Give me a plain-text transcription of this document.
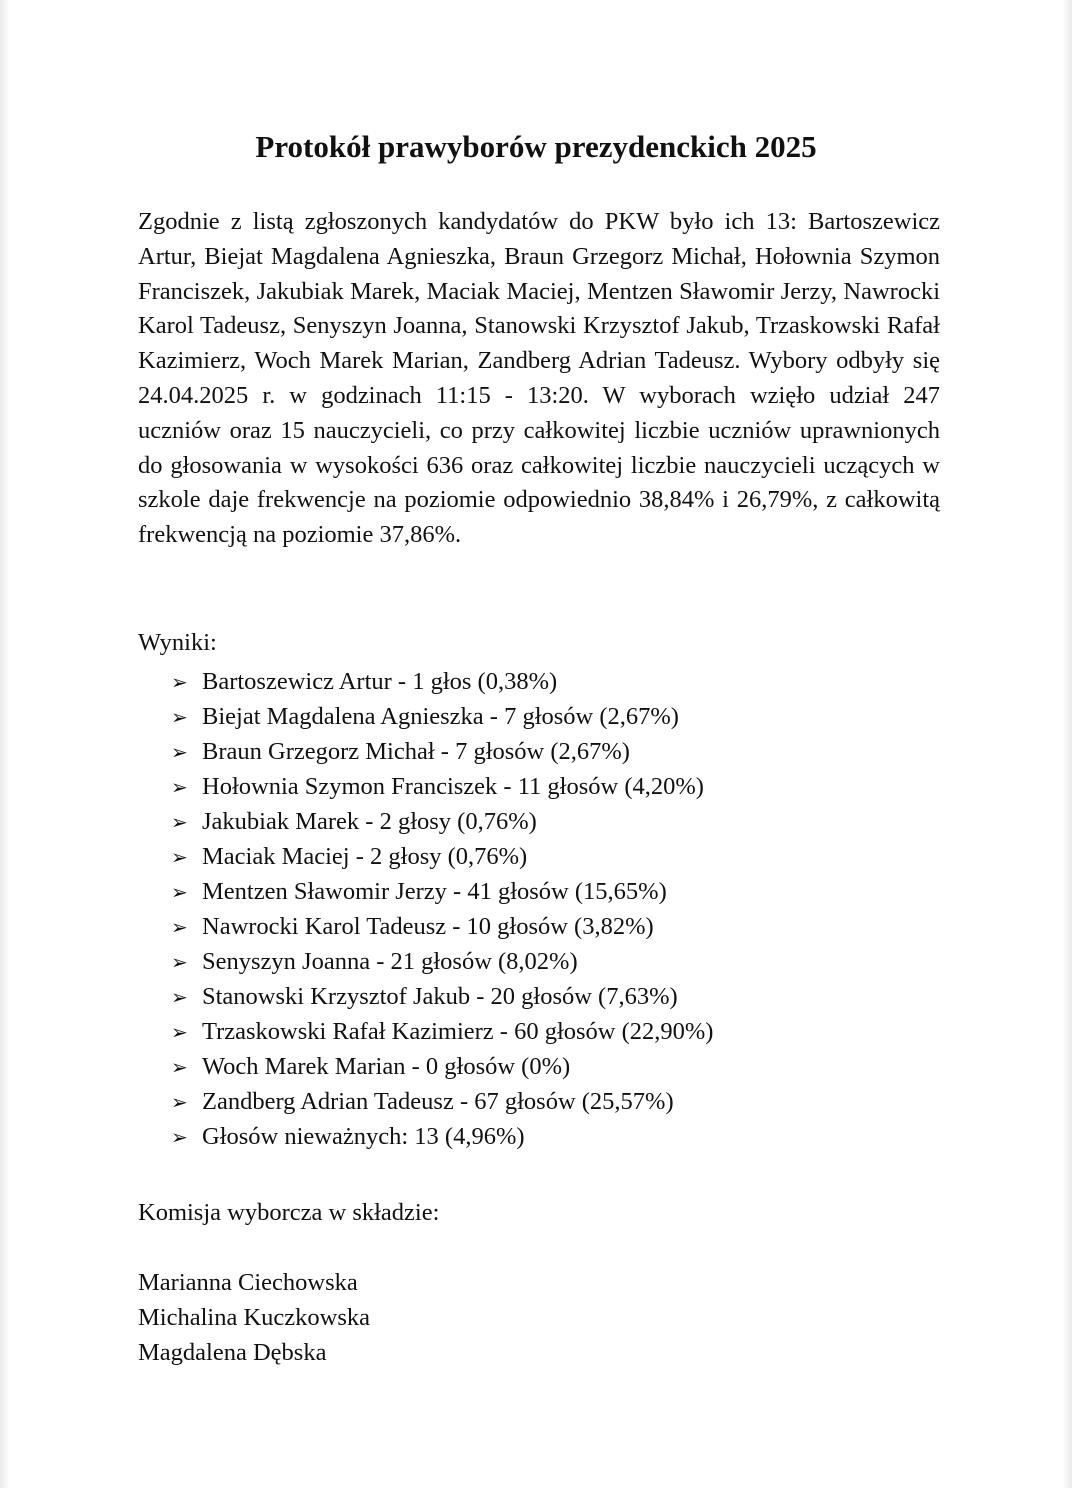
Protokół prawyborów prezydenckich 2025

Zgodnie z listą zgłoszonych kandydatów do PKW było ich 13: Bartoszewicz Artur, Biejat Magdalena Agnieszka, Braun Grzegorz Michał, Hołownia Szymon Franciszek, Jakubiak Marek, Maciak Maciej, Mentzen Sławomir Jerzy, Nawrocki Karol Tadeusz, Senyszyn Joanna, Stanowski Krzysztof Jakub, Trzaskowski Rafał Kazimierz, Woch Marek Marian, Zandberg Adrian Tadeusz. Wybory odbyły się 24.04.2025 r. w godzinach 11:15 - 13:20. W wyborach wzięło udział 247 uczniów oraz 15 nauczycieli, co przy całkowitej liczbie uczniów uprawnionych do głosowania w wysokości 636 oraz całkowitej liczbie nauczycieli uczących w szkole daje frekwencje na poziomie odpowiednio 38,84% i 26,79%, z całkowitą frekwencją na poziomie 37,86%.

Wyniki:

➢ Bartoszewicz Artur - 1 głos (0,38%)
➢ Biejat Magdalena Agnieszka - 7 głosów (2,67%)
➢ Braun Grzegorz Michał - 7 głosów (2,67%)
➢ Hołownia Szymon Franciszek - 11 głosów (4,20%)
➢ Jakubiak Marek - 2 głosy (0,76%)
➢ Maciak Maciej - 2 głosy (0,76%)
➢ Mentzen Sławomir Jerzy - 41 głosów (15,65%)
➢ Nawrocki Karol Tadeusz - 10 głosów (3,82%)
➢ Senyszyn Joanna - 21 głosów (8,02%)
➢ Stanowski Krzysztof Jakub - 20 głosów (7,63%)
➢ Trzaskowski Rafał Kazimierz - 60 głosów (22,90%)
➢ Woch Marek Marian - 0 głosów (0%)
➢ Zandberg Adrian Tadeusz - 67 głosów (25,57%)
➢ Głosów nieważnych: 13 (4,96%)

Komisja wyborcza w składzie:

Marianna Ciechowska
Michalina Kuczkowska
Magdalena Dębska
